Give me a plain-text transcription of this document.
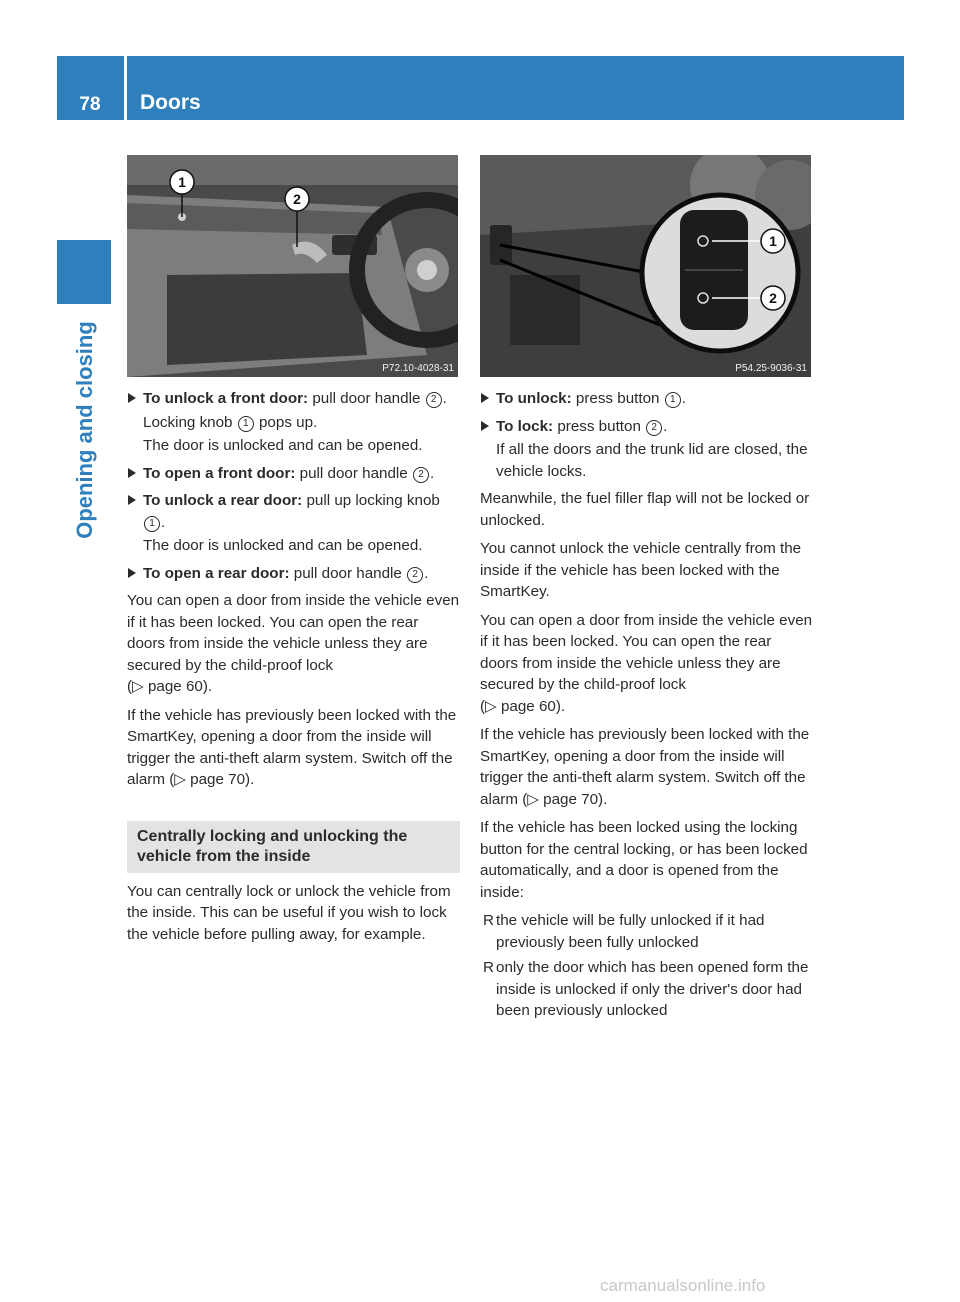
78	Doors
Opening and closing
1
2
P72.10-4028-31
1
2
P54.25-9036-31
To unlock a front door: pull door handle 2 .
Locking knob 1 pops up.
The door is unlocked and can be opened.
To open a front door: pull door handle 2 .
To unlock a rear door: pull up locking knob 1 .
The door is unlocked and can be opened.
To open a rear door: pull door handle 2 .

You can open a door from inside the vehicle even if it has been locked. You can open the rear doors from inside the vehicle unless they are secured by the child-proof lock
(▷ page 60).

If the vehicle has previously been locked with the SmartKey, opening a door from the inside will trigger the anti-theft alarm system. Switch off the alarm (▷ page 70).

Centrally locking and unlocking the vehicle from the inside

You can centrally lock or unlock the vehicle from the inside. This can be useful if you wish to lock the vehicle before pulling away, for example.

To unlock: press button 1 .
To lock: press button 2 .
If all the doors and the trunk lid are closed, the vehicle locks.

Meanwhile, the fuel filler flap will not be locked or unlocked.

You cannot unlock the vehicle centrally from the inside if the vehicle has been locked with the SmartKey.

You can open a door from inside the vehicle even if it has been locked. You can open the rear doors from inside the vehicle unless they are secured by the child-proof lock
(▷ page 60).

If the vehicle has previously been locked with the SmartKey, opening a door from the inside will trigger the anti-theft alarm system. Switch off the alarm (▷ page 70).

If the vehicle has been locked using the locking button for the central locking, or has been locked automatically, and a door is opened from the inside:

R the vehicle will be fully unlocked if it had previously been fully unlocked
R only the door which has been opened form the inside is unlocked if only the driver's door had been previously unlocked
carmanualsonline.info
